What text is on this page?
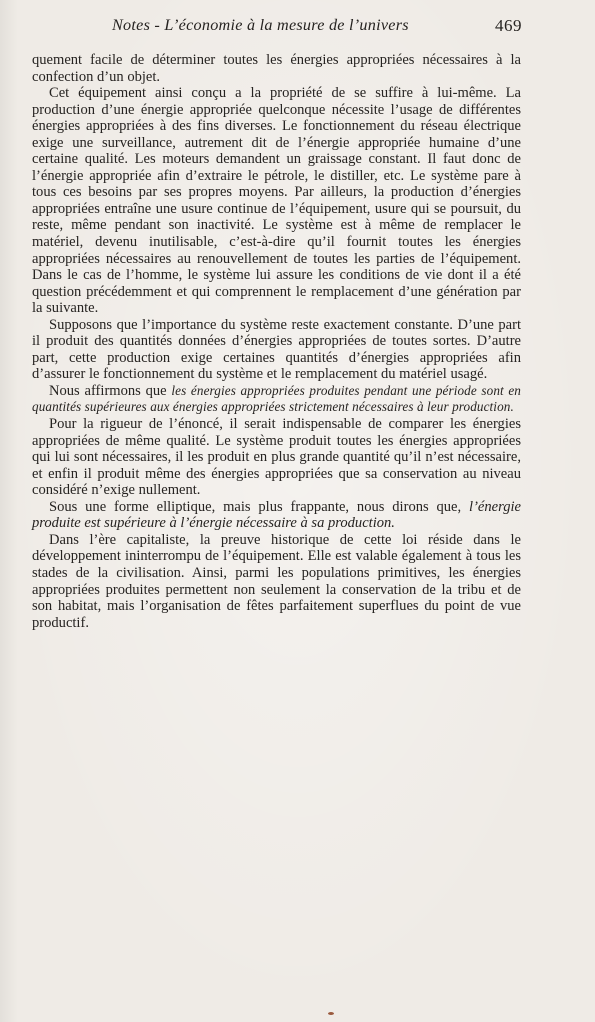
Notes - L’économie à la mesure de l’univers	469

quement facile de déterminer toutes les énergies appropriées nécessaires à la confection d’un objet.

Cet équipement ainsi conçu a la propriété de se suffire à lui-même. La production d’une énergie appropriée quelconque nécessite l’usage de différentes énergies appropriées à des fins diverses. Le fonctionnement du réseau électrique exige une surveillance, autrement dit de l’énergie appropriée humaine d’une certaine qualité. Les moteurs demandent un graissage constant. Il faut donc de l’énergie appropriée afin d’extraire le pétrole, le distiller, etc. Le système pare à tous ces besoins par ses propres moyens. Par ailleurs, la production d’énergies appropriées entraîne une usure continue de l’équipement, usure qui se poursuit, du reste, même pendant son inactivité. Le système est à même de remplacer le matériel, devenu inutilisable, c’est-à-dire qu’il fournit toutes les énergies appropriées nécessaires au renouvellement de toutes les parties de l’équipement. Dans le cas de l’homme, le système lui assure les conditions de vie dont il a été question précédemment et qui comprennent le remplacement d’une génération par la suivante.

Supposons que l’importance du système reste exactement constante. D’une part il produit des quantités données d’énergies appropriées de toutes sortes. D’autre part, cette production exige certaines quantités d’énergies appropriées afin d’assurer le fonctionnement du système et le remplacement du matériel usagé.

Nous affirmons que les énergies appropriées produites pendant une période sont en quantités supérieures aux énergies appropriées strictement nécessaires à leur production.

Pour la rigueur de l’énoncé, il serait indispensable de comparer les énergies appropriées de même qualité. Le système produit toutes les énergies appropriées qui lui sont nécessaires, il les produit en plus grande quantité qu’il n’est nécessaire, et enfin il produit même des énergies appropriées que sa conservation au niveau considéré n’exige nullement.

Sous une forme elliptique, mais plus frappante, nous dirons que, l’énergie produite est supérieure à l’énergie nécessaire à sa production.

Dans l’ère capitaliste, la preuve historique de cette loi réside dans le développement ininterrompu de l’équipement. Elle est valable également à tous les stades de la civilisation. Ainsi, parmi les populations primitives, les énergies appropriées produites permettent non seulement la conservation de la tribu et de son habitat, mais l’organisation de fêtes parfaitement superflues du point de vue productif.
